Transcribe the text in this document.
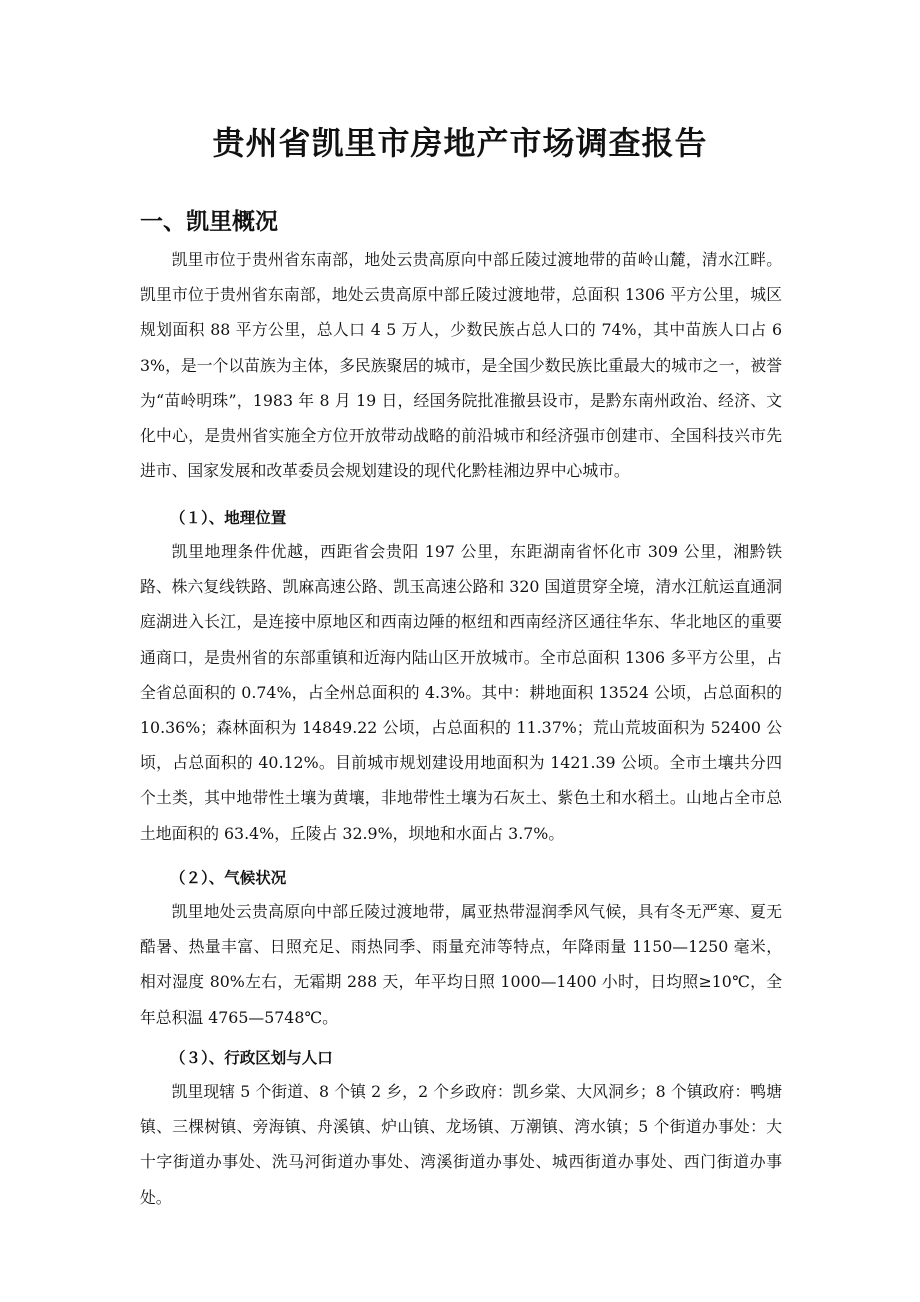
贵州省凯里市房地产市场调查报告
一、凯里概况

凯里市位于贵州省东南部，地处云贵高原向中部丘陵过渡地带的苗岭山麓，清水江畔。凯里市位于贵州省东南部，地处云贵高原中部丘陵过渡地带，总面积 1306 平方公里，城区规划面积 88 平方公里，总人口 4 5 万人，少数民族占总人口的 74%，其中苗族人口占 63%，是一个以苗族为主体，多民族聚居的城市，是全国少数民族比重最大的城市之一，被誉为“苗岭明珠”，1983 年 8 月 19 日，经国务院批准撤县设市，是黔东南州政治、经济、文化中心，是贵州省实施全方位开放带动战略的前沿城市和经济强市创建市、全国科技兴市先进市、国家发展和改革委员会规划建设的现代化黔桂湘边界中心城市。

（１）、地理位置

凯里地理条件优越，西距省会贵阳 197 公里，东距湖南省怀化市 309 公里，湘黔铁路、株六复线铁路、凯麻高速公路、凯玉高速公路和 320 国道贯穿全境，清水江航运直通洞庭湖进入长江，是连接中原地区和西南边陲的枢纽和西南经济区通往华东、华北地区的重要通商口，是贵州省的东部重镇和近海内陆山区开放城市。全市总面积 1306 多平方公里，占全省总面积的 0.74%，占全州总面积的 4.3%。其中：耕地面积 13524 公顷，占总面积的 10.36%；森林面积为 14849.22 公顷，占总面积的 11.37%；荒山荒坡面积为 52400 公顷，占总面积的 40.12%。目前城市规划建设用地面积为 1421.39 公顷。全市土壤共分四个土类，其中地带性土壤为黄壤，非地带性土壤为石灰土、紫色土和水稻土。山地占全市总土地面积的 63.4%，丘陵占 32.9%，坝地和水面占 3.7%。

（２）、气候状况

凯里地处云贵高原向中部丘陵过渡地带，属亚热带湿润季风气候，具有冬无严寒、夏无酷暑、热量丰富、日照充足、雨热同季、雨量充沛等特点，年降雨量 1150—1250 毫米，相对湿度 80%左右，无霜期 288 天，年平均日照 1000—1400 小时，日均照≥10℃，全年总积温 4765—5748℃。

（３）、行政区划与人口

凯里现辖 5 个街道、8 个镇 2 乡，2 个乡政府：凯乡棠、大风洞乡；8 个镇政府：鸭塘镇、三棵树镇、旁海镇、舟溪镇、炉山镇、龙场镇、万潮镇、湾水镇；5 个街道办事处：大十字街道办事处、洗马河街道办事处、湾溪街道办事处、城西街道办事处、西门街道办事处。
